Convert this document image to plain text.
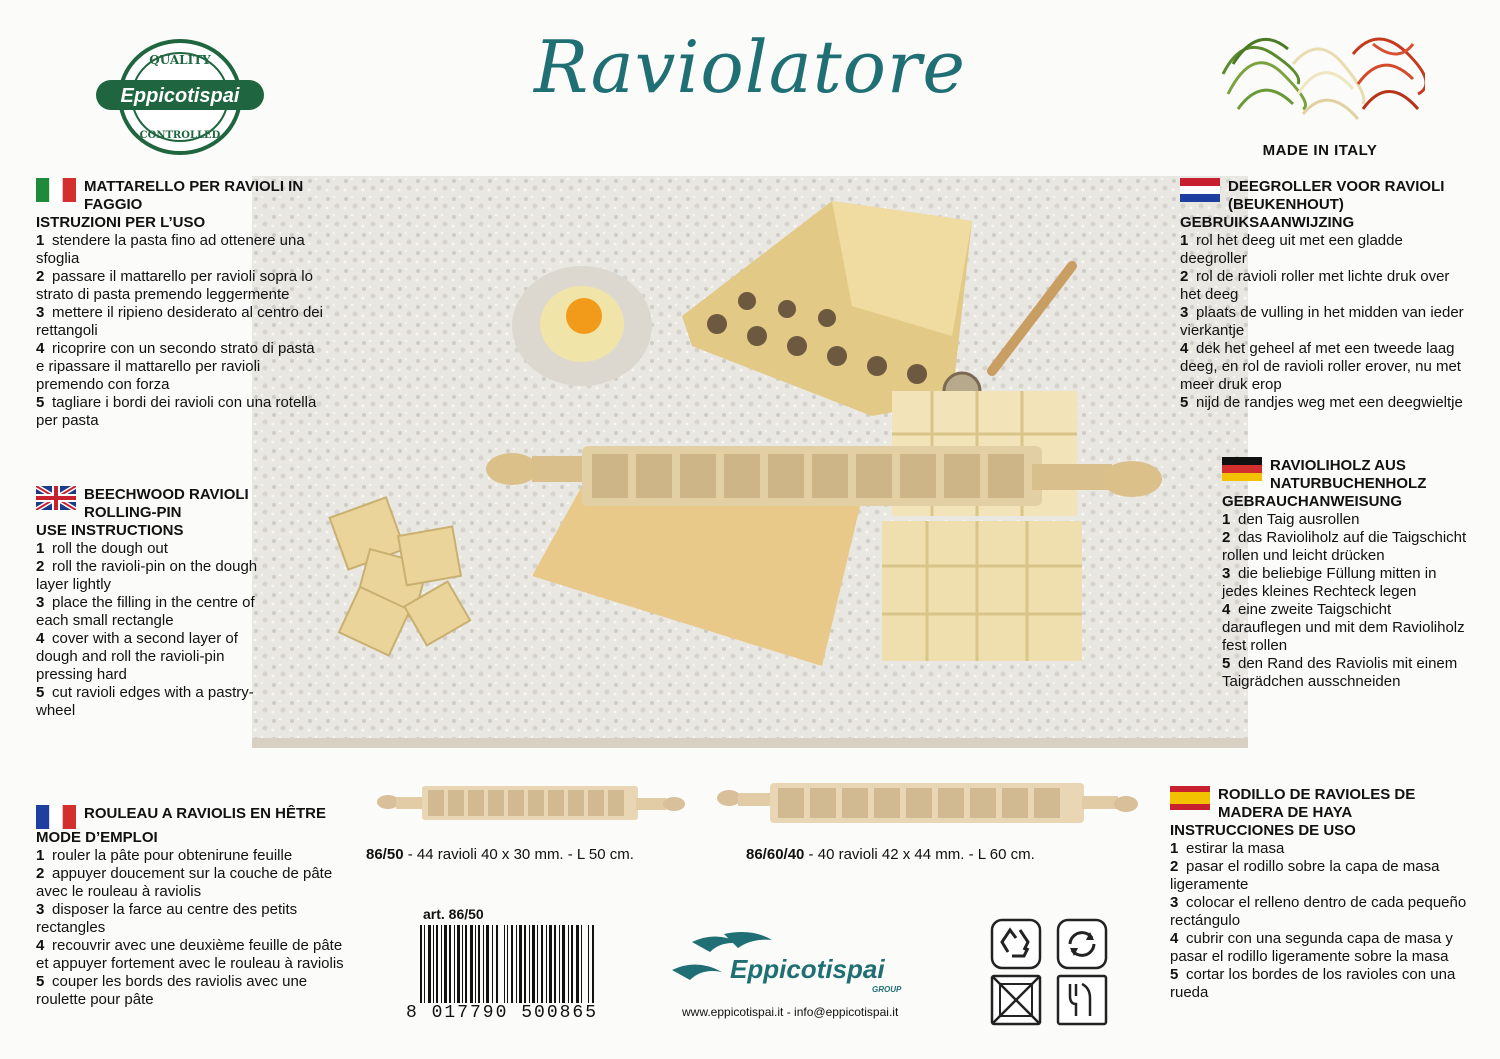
Raviolatore
QUALITY
Eppicotispai
CONTROLLED
MADE IN ITALY
MATTARELLO PER RAVIOLI IN FAGGIO

ISTRUZIONI PER L’USO

1 stendere la pasta fino ad ottenere una sfoglia
2 passare il mattarello per ravioli sopra lo strato di pasta premendo leggermente
3 mettere il ripieno desiderato al centro dei rettangoli
4 ricoprire con un secondo strato di pasta e ripassare il mattarello per ravioli premendo con forza
5 tagliare i bordi dei ravioli con una rotella per pasta
BEECHWOOD RAVIOLI ROLLING-PIN

USE INSTRUCTIONS

1 roll the dough out
2 roll the ravioli-pin on the dough layer lightly
3 place the filling in the centre of each small rectangle
4 cover with a second layer of dough and roll the ravioli-pin pressing hard
5 cut ravioli edges with a pastry-wheel
ROULEAU A RAVIOLIS EN HÊTRE

MODE D’EMPLOI

1 rouler la pâte pour obtenirune feuille
2 appuyer doucement sur la couche de pâte avec le rouleau à raviolis
3 disposer la farce au centre des petits rectangles
4 recouvrir avec une deuxième feuille de pâte et appuyer fortement avec le rouleau à raviolis
5 couper les bords des raviolis avec une roulette pour pâte
DEEGROLLER VOOR RAVIOLI (BEUKENHOUT)

GEBRUIKSAANWIJZING

1 rol het deeg uit met een gladde deegroller
2 rol de ravioli roller met lichte druk over het deeg
3 plaats de vulling in het midden van ieder vierkantje
4 dek het geheel af met een tweede laag deeg, en rol de ravioli roller erover, nu met meer druk erop
5 nijd de randjes weg met een deegwieltje
RAVIOLIHOLZ AUS NATURBUCHENHOLZ

GEBRAUCHANWEISUNG

1 den Taig ausrollen
2 das Ravioliholz auf die Taigschicht rollen und leicht drücken
3 die beliebige Füllung mitten in jedes kleines Rechteck legen
4 eine zweite Taigschicht darauflegen und mit dem Ravioliholz fest rollen
5 den Rand des Raviolis mit einem Taigrädchen ausschneiden
RODILLO DE RAVIOLES DE MADERA DE HAYA

INSTRUCCIONES DE USO

1 estirar la masa
2 pasar el rodillo sobre la capa de masa ligeramente
3 colocar el relleno dentro de cada pequeño rectángulo
4 cubrir con una segunda capa de masa y pasar el rodillo ligeramente sobre la masa
5 cortar los bordes de los ravioles con una rueda
86/50 - 44 ravioli 40 x 30 mm. - L 50 cm.	86/60/40 - 40 ravioli 42 x 44 mm. - L 60 cm.
art. 86/50
8 017790 500865
Eppicotispai
GROUP
www.eppicotispai.it - info@eppicotispai.it
